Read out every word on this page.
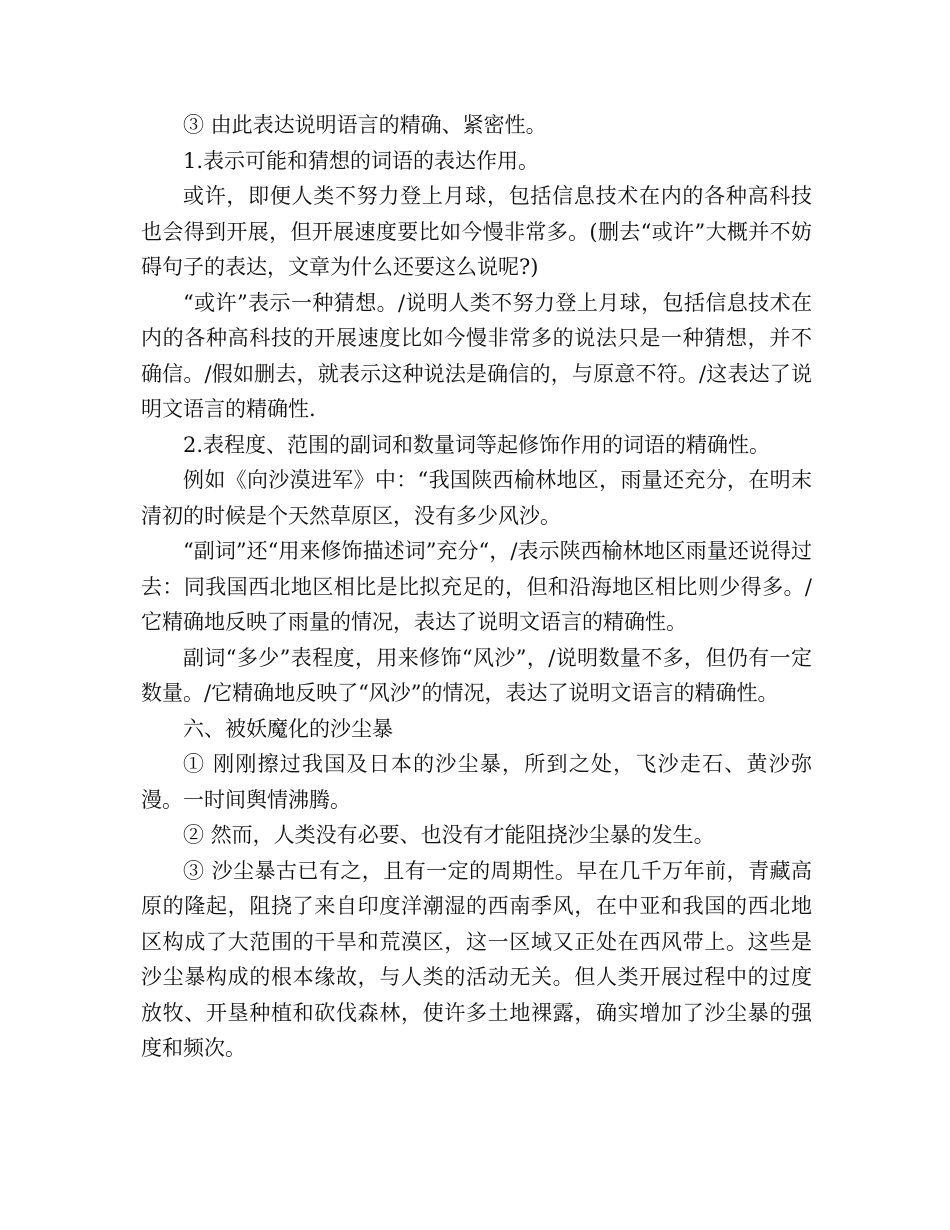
③ 由此表达说明语言的精确、紧密性。

1.表示可能和猜想的词语的表达作用。

或许，即便人类不努力登上月球，包括信息技术在内的各种高科技也会得到开展，但开展速度要比如今慢非常多。(删去“或许”大概并不妨碍句子的表达，文章为什么还要这么说呢?)

“或许”表示一种猜想。/说明人类不努力登上月球，包括信息技术在内的各种高科技的开展速度比如今慢非常多的说法只是一种猜想，并不确信。/假如删去，就表示这种说法是确信的，与原意不符。/这表达了说明文语言的精确性.

2.表程度、范围的副词和数量词等起修饰作用的词语的精确性。

例如《向沙漠进军》中：“我国陕西榆林地区，雨量还充分，在明末清初的时候是个天然草原区，没有多少风沙。

“副词”还“用来修饰描述词”充分“，/表示陕西榆林地区雨量还说得过去：同我国西北地区相比是比拟充足的，但和沿海地区相比则少得多。/它精确地反映了雨量的情况，表达了说明文语言的精确性。

副词“多少”表程度，用来修饰“风沙”，/说明数量不多，但仍有一定数量。/它精确地反映了“风沙”的情况，表达了说明文语言的精确性。

六、被妖魔化的沙尘暴

① 刚刚擦过我国及日本的沙尘暴，所到之处，飞沙走石、黄沙弥漫。一时间舆情沸腾。

② 然而，人类没有必要、也没有才能阻挠沙尘暴的发生。

③ 沙尘暴古已有之，且有一定的周期性。早在几千万年前，青藏高原的隆起，阻挠了来自印度洋潮湿的西南季风，在中亚和我国的西北地区构成了大范围的干旱和荒漠区，这一区域又正处在西风带上。这些是沙尘暴构成的根本缘故，与人类的活动无关。但人类开展过程中的过度放牧、开垦种植和砍伐森林，使许多土地裸露，确实增加了沙尘暴的强度和频次。
